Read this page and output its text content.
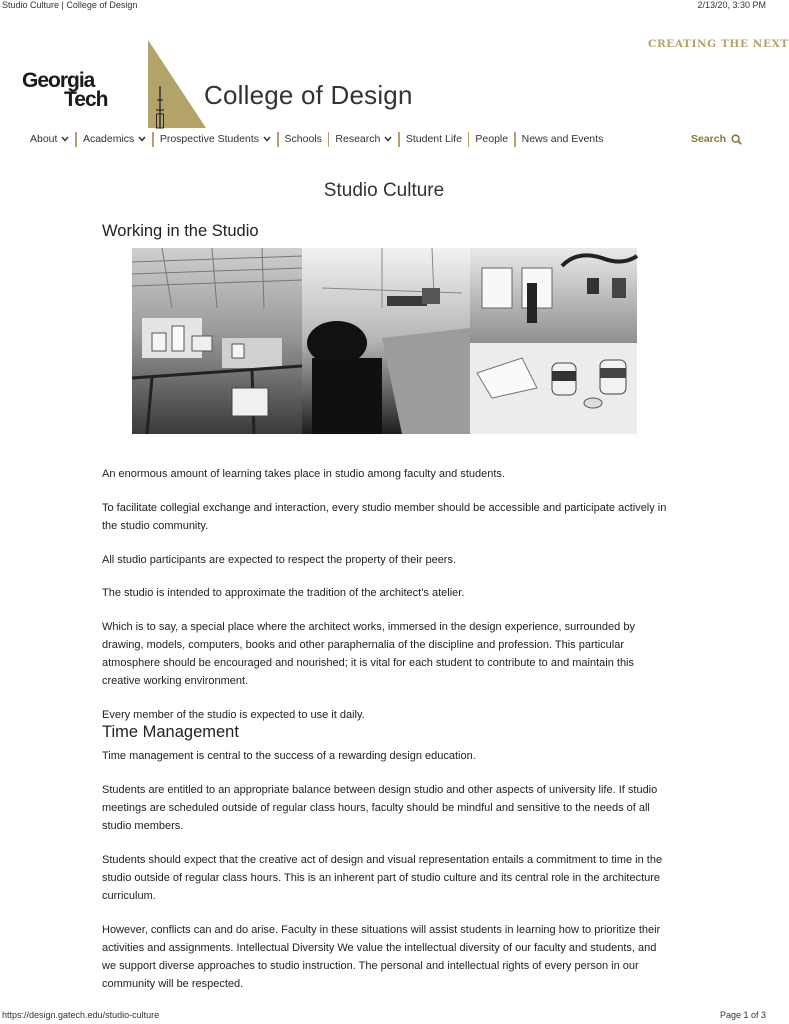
Studio Culture | College of Design	2/13/20, 3:30 PM
https://design.gatech.edu/studio-culture	Page 1 of 3
CREATING THE NEXT
Georgia
Tech	College of Design
About Academics Prospective Students Schools Research Student Life People News and Events	Search
Studio Culture
Working in the Studio

An enormous amount of learning takes place in studio among faculty and students.

To facilitate collegial exchange and interaction, every studio member should be accessible and participate actively in the studio community.

All studio participants are expected to respect the property of their peers.

The studio is intended to approximate the tradition of the architect’s atelier.

Which is to say, a special place where the architect works, immersed in the design experience, surrounded by drawing, models, computers, books and other paraphernalia of the discipline and profession. This particular atmosphere should be encouraged and nourished; it is vital for each student to contribute to and maintain this creative working environment.

Every member of the studio is expected to use it daily.

Time Management

Time management is central to the success of a rewarding design education.

Students are entitled to an appropriate balance between design studio and other aspects of university life. If studio meetings are scheduled outside of regular class hours, faculty should be mindful and sensitive to the needs of all studio members.

Students should expect that the creative act of design and visual representation entails a commitment to time in the studio outside of regular class hours. This is an inherent part of studio culture and its central role in the architecture curriculum.

However, conflicts can and do arise. Faculty in these situations will assist students in learning how to prioritize their activities and assignments. Intellectual Diversity We value the intellectual diversity of our faculty and students, and we support diverse approaches to studio instruction. The personal and intellectual rights of every person in our community will be respected.
